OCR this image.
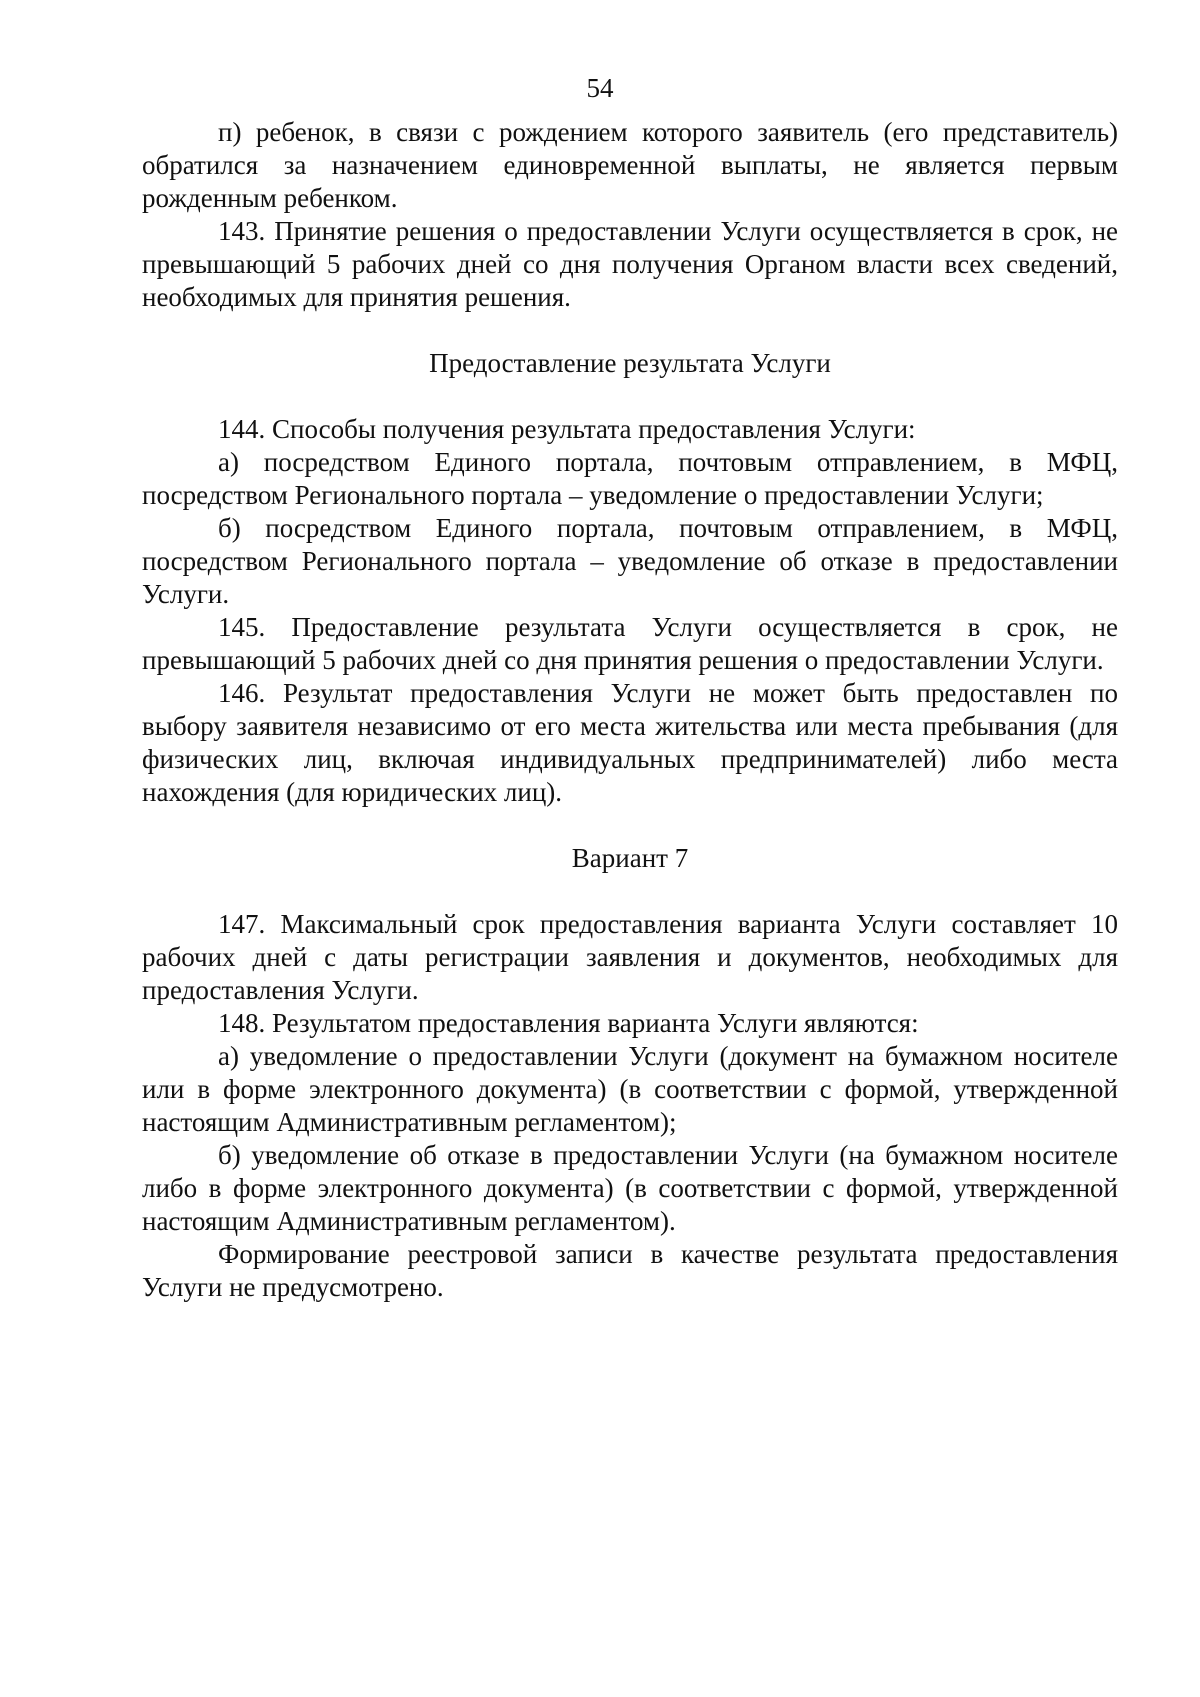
54

п) ребенок, в связи с рождением которого заявитель (его представитель) обратился за назначением единовременной выплаты, не является первым рожденным ребенком.

143. Принятие решения о предоставлении Услуги осуществляется в срок, не превышающий 5 рабочих дней со дня получения Органом власти всех сведений, необходимых для принятия решения.

Предоставление результата Услуги

144. Способы получения результата предоставления Услуги:

а) посредством Единого портала, почтовым отправлением, в МФЦ, посредством Регионального портала – уведомление о предоставлении Услуги;

б) посредством Единого портала, почтовым отправлением, в МФЦ, посредством Регионального портала – уведомление об отказе в предоставлении Услуги.

145. Предоставление результата Услуги осуществляется в срок, не превышающий 5 рабочих дней со дня принятия решения о предоставлении Услуги.

146. Результат предоставления Услуги не может быть предоставлен по выбору заявителя независимо от его места жительства или места пребывания (для физических лиц, включая индивидуальных предпринимателей) либо места нахождения (для юридических лиц).

Вариант 7

147. Максимальный срок предоставления варианта Услуги составляет 10 рабочих дней с даты регистрации заявления и документов, необходимых для предоставления Услуги.

148. Результатом предоставления варианта Услуги являются:

а) уведомление о предоставлении Услуги (документ на бумажном носителе или в форме электронного документа) (в соответствии с формой, утвержденной настоящим Административным регламентом);

б) уведомление об отказе в предоставлении Услуги (на бумажном носителе либо в форме электронного документа) (в соответствии с формой, утвержденной настоящим Административным регламентом).

Формирование реестровой записи в качестве результата предоставления Услуги не предусмотрено.
